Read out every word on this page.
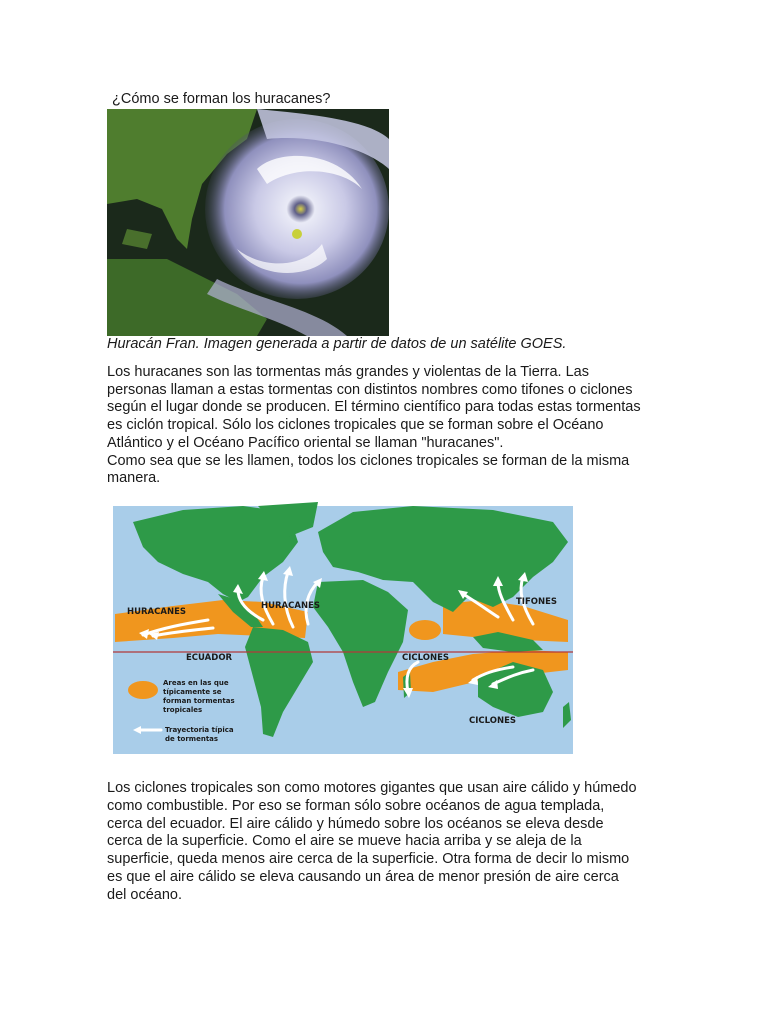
¿Cómo se forman los huracanes?
Huracán Fran. Imagen generada a partir de datos de un satélite GOES.

Los huracanes son las tormentas más grandes y violentas de la Tierra. Las
personas llaman a estas tormentas con distintos nombres como tifones o ciclones
según el lugar donde se producen. El término científico para todas estas tormentas
es ciclón tropical. Sólo los ciclones tropicales que se forman sobre el Océano
Atlántico y el Océano Pacífico oriental se llaman "huracanes".
Como sea que se les llamen, todos los ciclones tropicales se forman de la misma
manera.

HURACANES
HURACANES	TIFONES
ECUADOR	CICLONES
CICLONES
Areas en las que
típicamente se
forman tormentas
tropicales
Trayectoria típica
de tormentas

Los ciclones tropicales son como motores gigantes que usan aire cálido y húmedo
como combustible. Por eso se forman sólo sobre océanos de agua templada,
cerca del ecuador. El aire cálido y húmedo sobre los océanos se eleva desde
cerca de la superficie. Como el aire se mueve hacia arriba y se aleja de la
superficie, queda menos aire cerca de la superficie. Otra forma de decir lo mismo
es que el aire cálido se eleva causando un área de menor presión de aire cerca
del océano.
